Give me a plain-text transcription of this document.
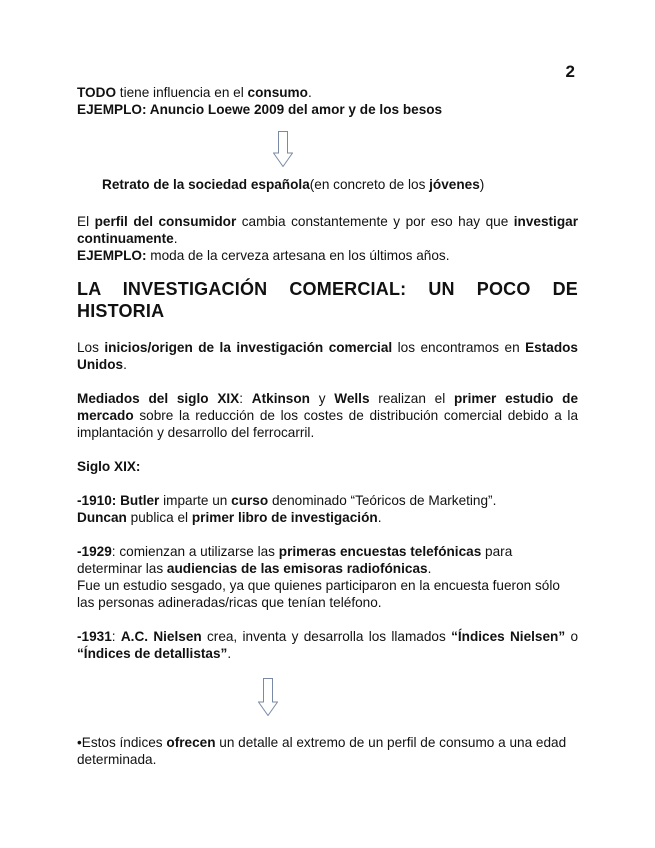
2

TODO tiene influencia en el consumo.

EJEMPLO: Anuncio Loewe 2009 del amor y de los besos

Retrato de la sociedad española(en concreto de los jóvenes)

El perfil del consumidor cambia constantemente y por eso hay que investigar continuamente.

EJEMPLO: moda de la cerveza artesana en los últimos años.

LA INVESTIGACIÓN COMERCIAL: UN POCO DE HISTORIA

Los inicios/origen de la investigación comercial los encontramos en Estados Unidos.

Mediados del siglo XIX: Atkinson y Wells realizan el primer estudio de mercado sobre la reducción de los costes de distribución comercial debido a la implantación y desarrollo del ferrocarril.

Siglo XIX:

-1910: Butler imparte un curso denominado “Teóricos de Marketing”.

Duncan publica el primer libro de investigación.

-1929: comienzan a utilizarse las primeras encuestas telefónicas para determinar las audiencias de las emisoras radiofónicas.

Fue un estudio sesgado, ya que quienes participaron en la encuesta fueron sólo las personas adineradas/ricas que tenían teléfono.

-1931: A.C. Nielsen crea, inventa y desarrolla los llamados “Índices Nielsen” o “Índices de detallistas”.

•Estos índices ofrecen un detalle al extremo de un perfil de consumo a una edad determinada.
